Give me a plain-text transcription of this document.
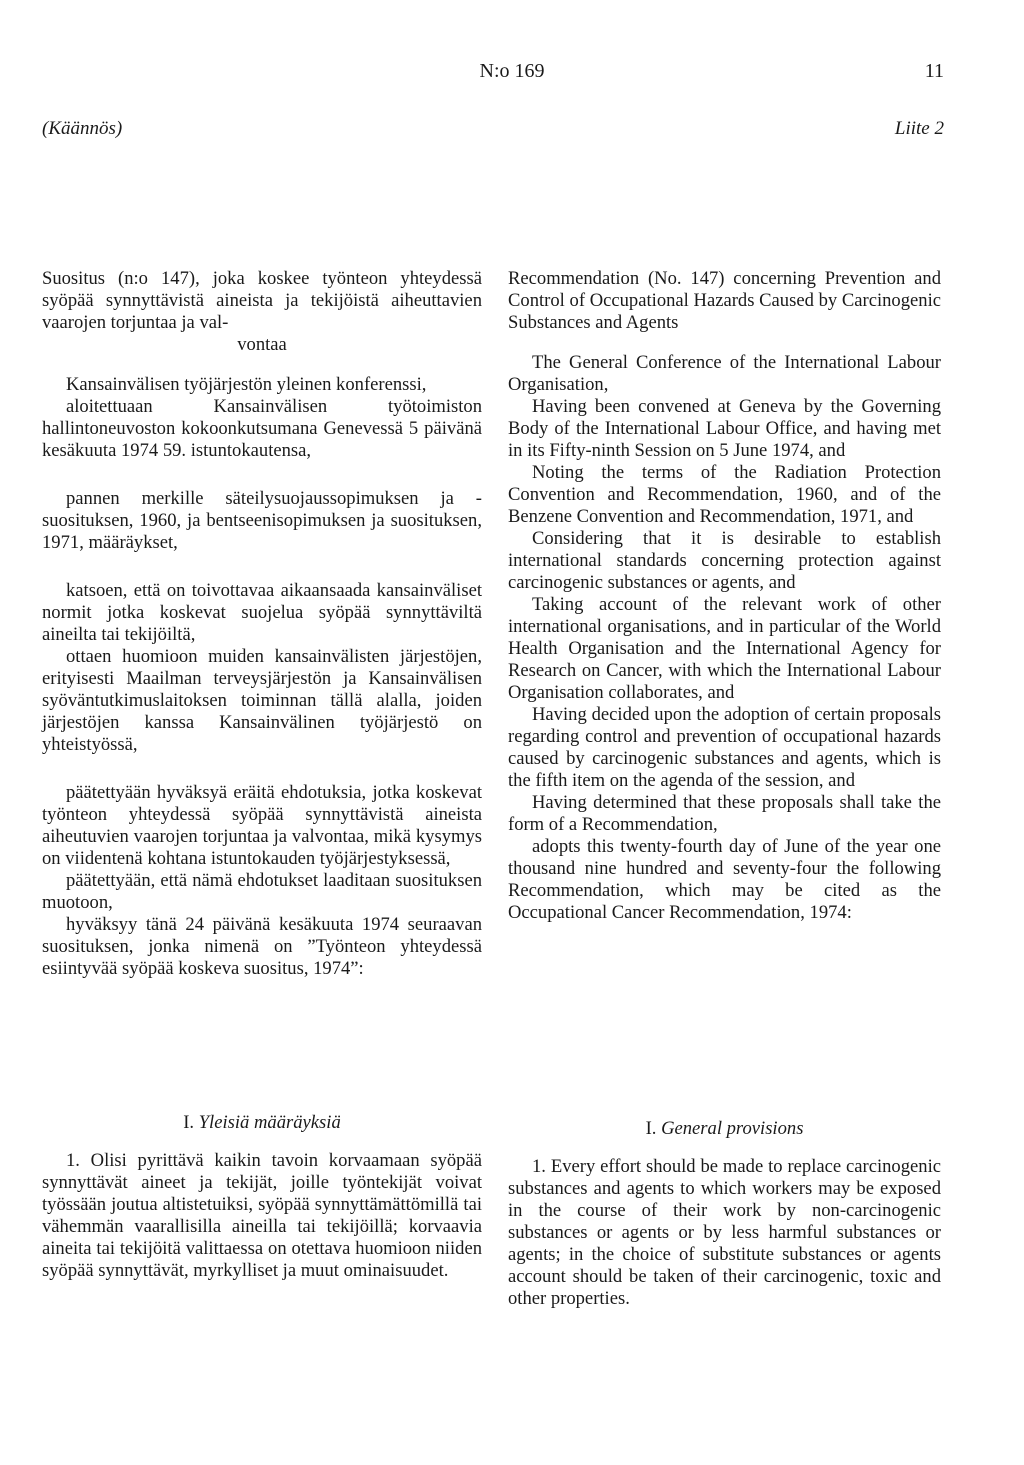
N:o 169	11
(Käännös)	Liite 2

Suositus (n:o 147), joka koskee työnteon yhteydessä syöpää synnyttävistä aineista ja tekijöistä aiheuttavien vaarojen torjuntaa ja val-
vontaa

Kansainvälisen työjärjestön yleinen konferenssi,

aloitettuaan Kansainvälisen työtoimiston hallintoneuvoston kokoonkutsumana Genevessä 5 päivänä kesäkuuta 1974 59. istuntokautensa,

pannen merkille säteilysuojaussopimuksen ja -suosituksen, 1960, ja bentseenisopimuksen ja suosituksen, 1971, määräykset,

katsoen, että on toivottavaa aikaansaada kansainväliset normit jotka koskevat suojelua syöpää synnyttäviltä aineilta tai tekijöiltä,

ottaen huomioon muiden kansainvälisten järjestöjen, erityisesti Maailman terveysjärjestön ja Kansainvälisen syöväntutkimuslaitoksen toiminnan tällä alalla, joiden järjestöjen kanssa Kansainvälinen työjärjestö on yhteistyössä,

päätettyään hyväksyä eräitä ehdotuksia, jotka koskevat työnteon yhteydessä syöpää synnyttävistä aineista aiheutuvien vaarojen torjuntaa ja valvontaa, mikä kysymys on viidentenä kohtana istuntokauden työjärjestyksessä,

päätettyään, että nämä ehdotukset laaditaan suosituksen muotoon,

hyväksyy tänä 24 päivänä kesäkuuta 1974 seuraavan suosituksen, jonka nimenä on ”Työnteon yhteydessä esiintyvää syöpää koskeva suositus, 1974”:

Recommendation (No. 147) concerning Prevention and Control of Occupational Hazards Caused by Carcinogenic Substances and Agents

The General Conference of the International Labour Organisation,

Having been convened at Geneva by the Governing Body of the International Labour Office, and having met in its Fifty-ninth Session on 5 June 1974, and

Noting the terms of the Radiation Protection Convention and Recommendation, 1960, and of the Benzene Convention and Recommendation, 1971, and

Considering that it is desirable to establish international standards concerning protection against carcinogenic substances or agents, and

Taking account of the relevant work of other international organisations, and in particular of the World Health Organisation and the International Agency for Research on Cancer, with which the International Labour Organisation collaborates, and

Having decided upon the adoption of certain proposals regarding control and prevention of occupational hazards caused by carcinogenic substances and agents, which is the fifth item on the agenda of the session, and

Having determined that these proposals shall take the form of a Recommendation,

adopts this twenty-fourth day of June of the year one thousand nine hundred and seventy-four the following Recommendation, which may be cited as the Occupational Cancer Recommendation, 1974:

I. Yleisiä määräyksiä

1. Olisi pyrittävä kaikin tavoin korvaamaan syöpää synnyttävät aineet ja tekijät, joille työntekijät voivat työssään joutua altistetuiksi, syöpää synnyttämättömillä tai vähemmän vaarallisilla aineilla tai tekijöillä; korvaavia aineita tai tekijöitä valittaessa on otettava huomioon niiden syöpää synnyttävät, myrkylliset ja muut ominaisuudet.

I. General provisions

1. Every effort should be made to replace carcinogenic substances and agents to which workers may be exposed in the course of their work by non-carcinogenic substances or agents or by less harmful substances or agents; in the choice of substitute substances or agents account should be taken of their carcinogenic, toxic and other properties.
